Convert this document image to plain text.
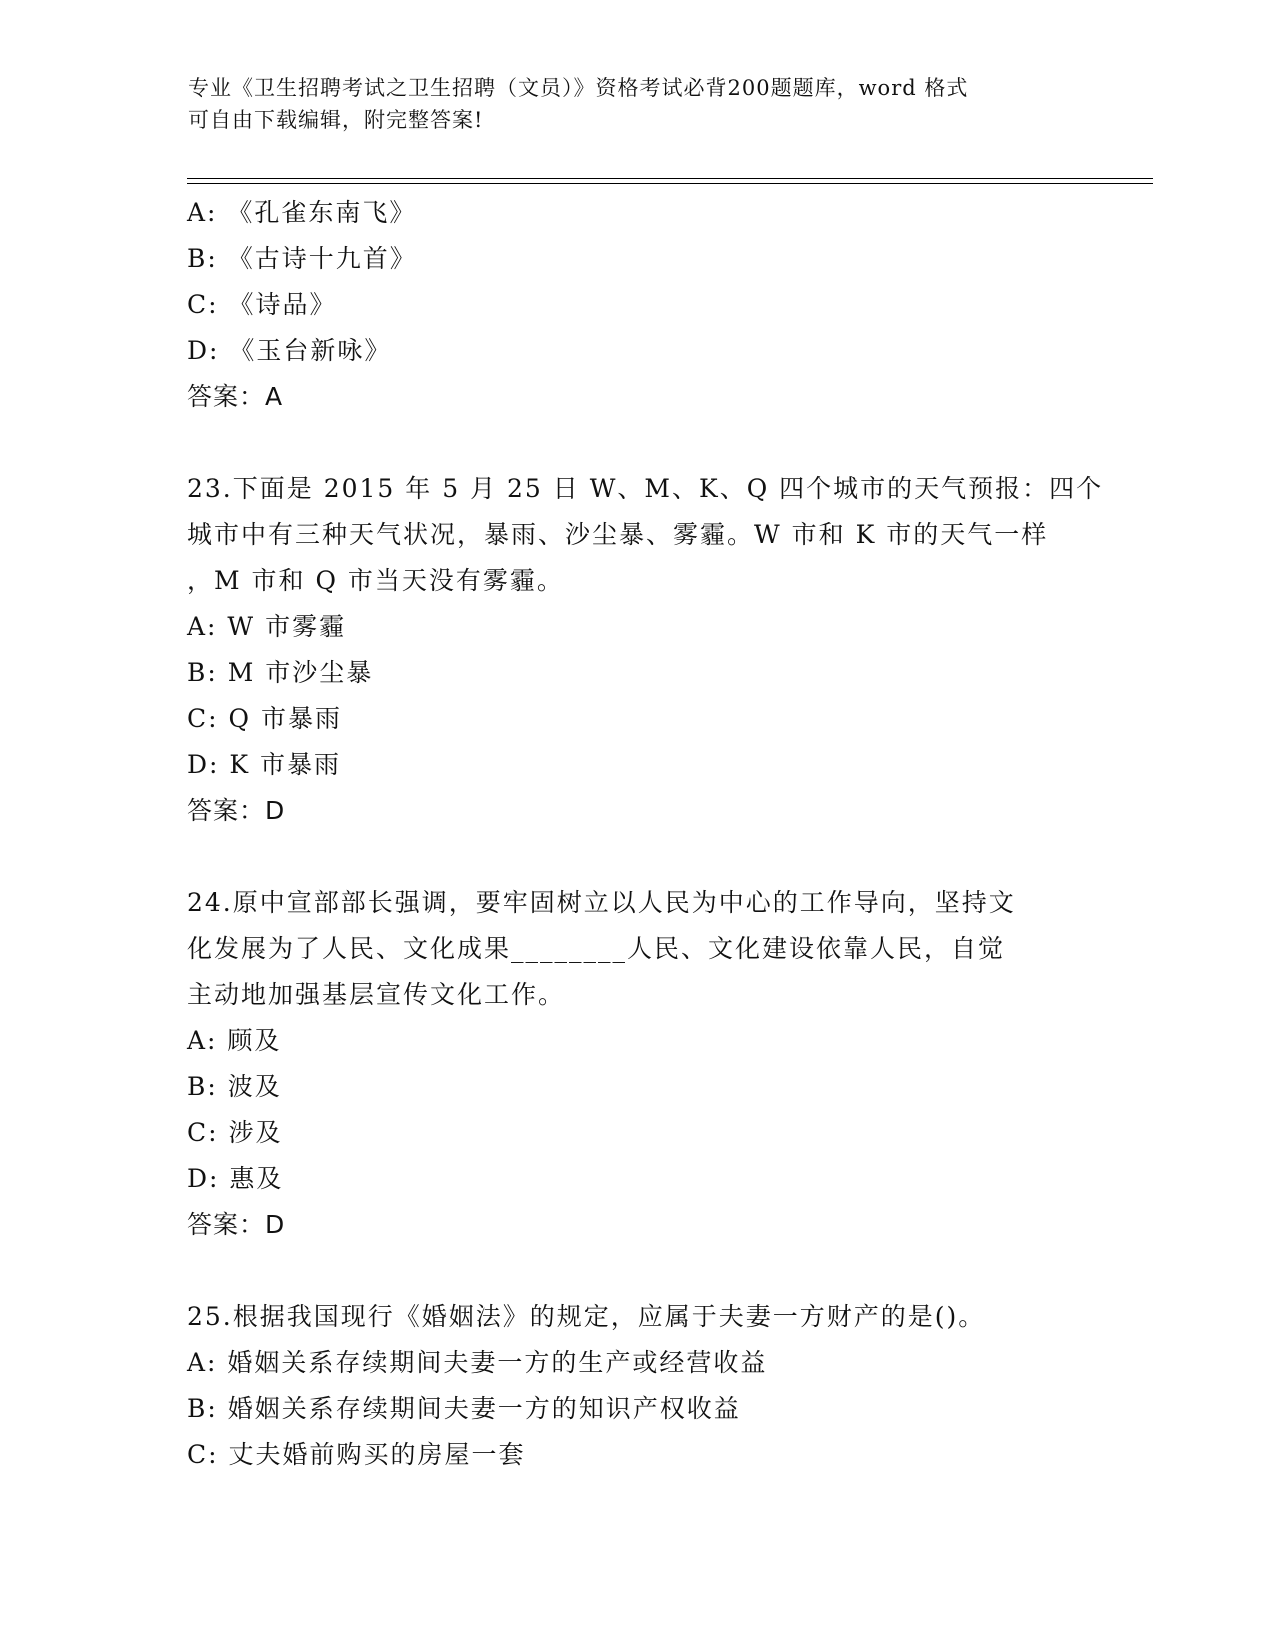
专业《卫生招聘考试之卫生招聘（文员）》资格考试必背200题题库，word 格式
可自由下载编辑，附完整答案!
A: 《孔雀东南飞》
B: 《古诗十九首》
C: 《诗品》
D: 《玉台新咏》
答案：A
23.下面是 2015 年 5 月 25 日 W、M、K、Q 四个城市的天气预报：四个
城市中有三种天气状况，暴雨、沙尘暴、雾霾。W 市和 K 市的天气一样
，M 市和 Q 市当天没有雾霾。
A: W 市雾霾
B: M 市沙尘暴
C: Q 市暴雨
D: K 市暴雨
答案：D
24.原中宣部部长强调，要牢固树立以人民为中心的工作导向，坚持文
化发展为了人民、文化成果________人民、文化建设依靠人民，自觉
主动地加强基层宣传文化工作。
A: 顾及
B: 波及
C: 涉及
D: 惠及
答案：D
25.根据我国现行《婚姻法》的规定，应属于夫妻一方财产的是()。
A: 婚姻关系存续期间夫妻一方的生产或经营收益
B: 婚姻关系存续期间夫妻一方的知识产权收益
C: 丈夫婚前购买的房屋一套
